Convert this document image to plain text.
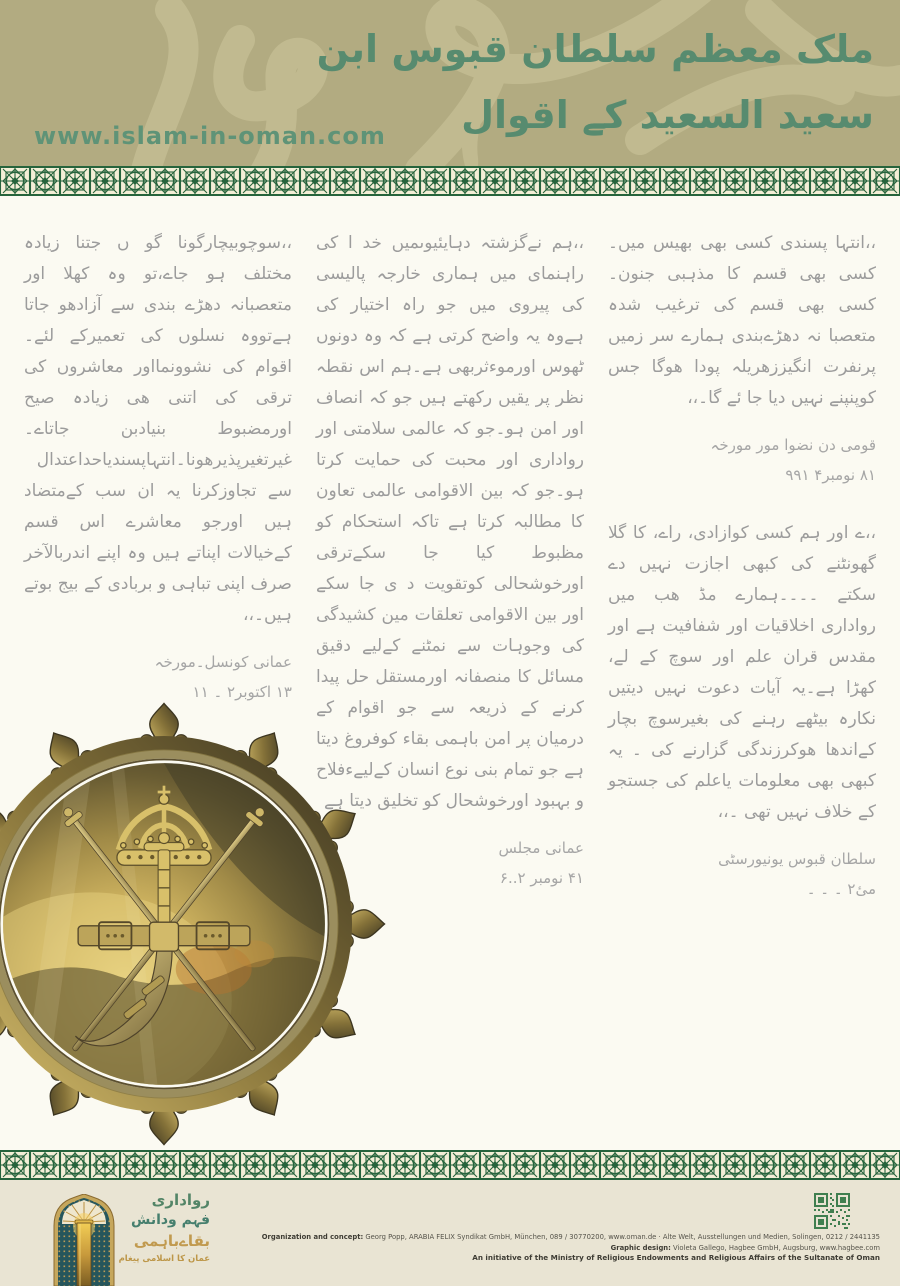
ملک معظم سلطان قبوس ابن
سعید السعید کے اقوال
www.islam-in-oman.com

،،انتہا پسندی کسی بھی بھیس میں۔کسی بھی قسم کا مذہبی جنون۔کسی بھی قسم کی ترغیب شدہ متعصبا نہ دھڑےبندی ہمارے سر زمیں پرنفرت انگیززھریلہ پودا ھوگا جس کوپنپنے نہیں دیا جا ئے گا۔،،

قومی دن نضوا مور مورخہ

۸۱ نومبر۴ ۹۹۱

،،ے اور ہم کسی کوازادی، راے، کا گلا گھونٹنے کی کبھی اجازت نہیں دے سکتے ۔۔۔۔ہمارے مڈ ھب میں رواداری اخلاقیات اور شفافیت ہے اور مقدس قران علم اور سوچ کے لے، کھڑا ہے۔یہ آیات دعوت نہیں دیتیں نکارہ بیٹھے رہنے کی بغیرسوچ بچار کےاندھا ھوکرزندگی گزارنے کی ۔ یہ کبھی بھی معلومات یاعلم کی جستجو کے خلاف نہیں تھی ۔،،

سلطان قبوس یونیورسٹی

میٔ۲ ۔ ۔ ۔

،،ہم نےگزشتہ دہایئیوںمیں خد ا کی راہنمای میں ہماری خارجہ پالیسی کی پیروی میں جو راہ اختیار کی ہےوہ یہ واضح کرتی ہے کہ وہ دونوں ٹھوس اورموءثربھی ہے۔ہم اس نقطہ نظر پر یقیں رکھتے ہیں جو کہ انصاف اور امن ہو۔جو کہ عالمی سلامتی اور رواداری اور محبت کی حمایت کرتا ہو۔جو کہ بین الاقوامی عالمی تعاون کا مطالبہ کرتا ہے تاکہ استحکام کو مظبوط کیا جا سکےترقی اورخوشحالی کوتقویت د ی جا سکے اور بین الاقوامی تعلقات مین کشیدگی کی وجوہات سے نمٹنے کےلیے دقیق مسائل کا منصفانہ اورمستقل حل پیدا کرنے کے ذریعہ سے جو اقوام کے درمیان پر امن باہمی بقاء کوفروغ دیتا ہے جو تمام بنی نوع انسان کےلیےءفلاح و بہبود اورخوشحال کو تخلیق دیتا ہے

عمانی مجلس

۴۱ نومبر ۲..۶

،،سوچوبیچارگونا گو ں جتنا زیادہ مختلف ہو جاے،تو وہ کھلا اور متعصبانہ دھڑے بندی سے آزادھو جاتا ہےتووہ نسلوں کی تعمیرکے لئے۔ اقوام کی نشوونمااور معاشروں کی ترقی کی اتنی ھی زیادہ صیح اورمضبوط بنیادبن جاتاے۔غیرتغیرپذیرھونا۔انتہاپسندیاحداعتدال سے تجاوزکرنا یہ ان سب کےمتضاد ہیں اورجو معاشرے اس قسم کےخیالات اپناتے ہیں وہ اپنے اندربالآخر صرف اپنی تباہی و بربادی کے بیج بوتے ہیں۔،،

عمانی کونسل۔مورخہ

۱۳ اکتوبر۲ ۔ ۱۱

رواداری
فہم ودانش
بقاےباہمی
عمان کا اسلامی پیغام
Organization and concept: Georg Popp, ARABIA FELIX Syndikat GmbH, München, 089 / 30770200, www.oman.de · Alte Welt, Ausstellungen und Medien, Solingen, 0212 / 2441135
Graphic design: Violeta Gallego, Hagbee GmbH, Augsburg, www.hagbee.com
An initiative of the Ministry of Religious Endowments and Religious Affairs of the Sultanate of Oman
